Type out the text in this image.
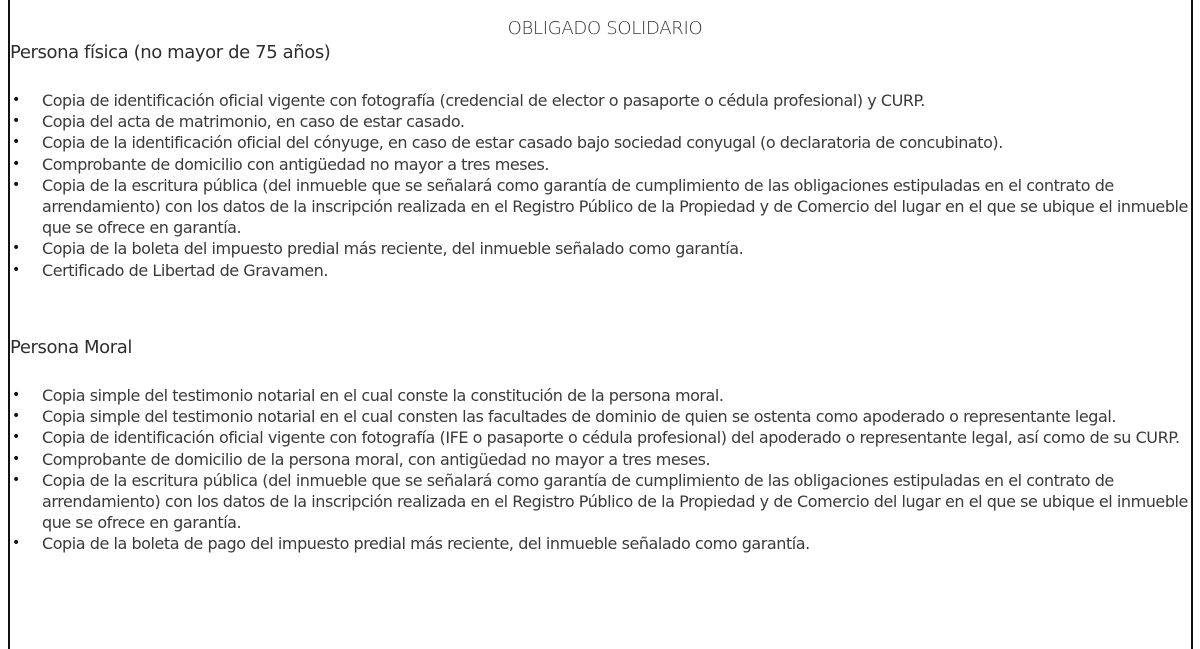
OBLIGADO SOLIDARIO
Persona física (no mayor de 75 años)
• Copia de identificación oficial vigente con fotografía (credencial de elector o pasaporte o cédula profesional) y CURP.
• Copia del acta de matrimonio, en caso de estar casado.
• Copia de la identificación oficial del cónyuge, en caso de estar casado bajo sociedad conyugal (o declaratoria de concubinato).
• Comprobante de domicilio con antigüedad no mayor a tres meses.
• Copia de la escritura pública (del inmueble que se señalará como garantía de cumplimiento de las obligaciones estipuladas en el contrato de arrendamiento) con los datos de la inscripción realizada en el Registro Público de la Propiedad y de Comercio del lugar en el que se ubique el inmueble que se ofrece en garantía.
• Copia de la boleta del impuesto predial más reciente, del inmueble señalado como garantía.
• Certificado de Libertad de Gravamen.
Persona Moral
• Copia simple del testimonio notarial en el cual conste la constitución de la persona moral.
• Copia simple del testimonio notarial en el cual consten las facultades de dominio de quien se ostenta como apoderado o representante legal.
• Copia de identificación oficial vigente con fotografía (IFE o pasaporte o cédula profesional) del apoderado o representante legal, así como de su CURP.
• Comprobante de domicilio de la persona moral, con antigüedad no mayor a tres meses.
• Copia de la escritura pública (del inmueble que se señalará como garantía de cumplimiento de las obligaciones estipuladas en el contrato de arrendamiento) con los datos de la inscripción realizada en el Registro Público de la Propiedad y de Comercio del lugar en el que se ubique el inmueble que se ofrece en garantía.
• Copia de la boleta de pago del impuesto predial más reciente, del inmueble señalado como garantía.
